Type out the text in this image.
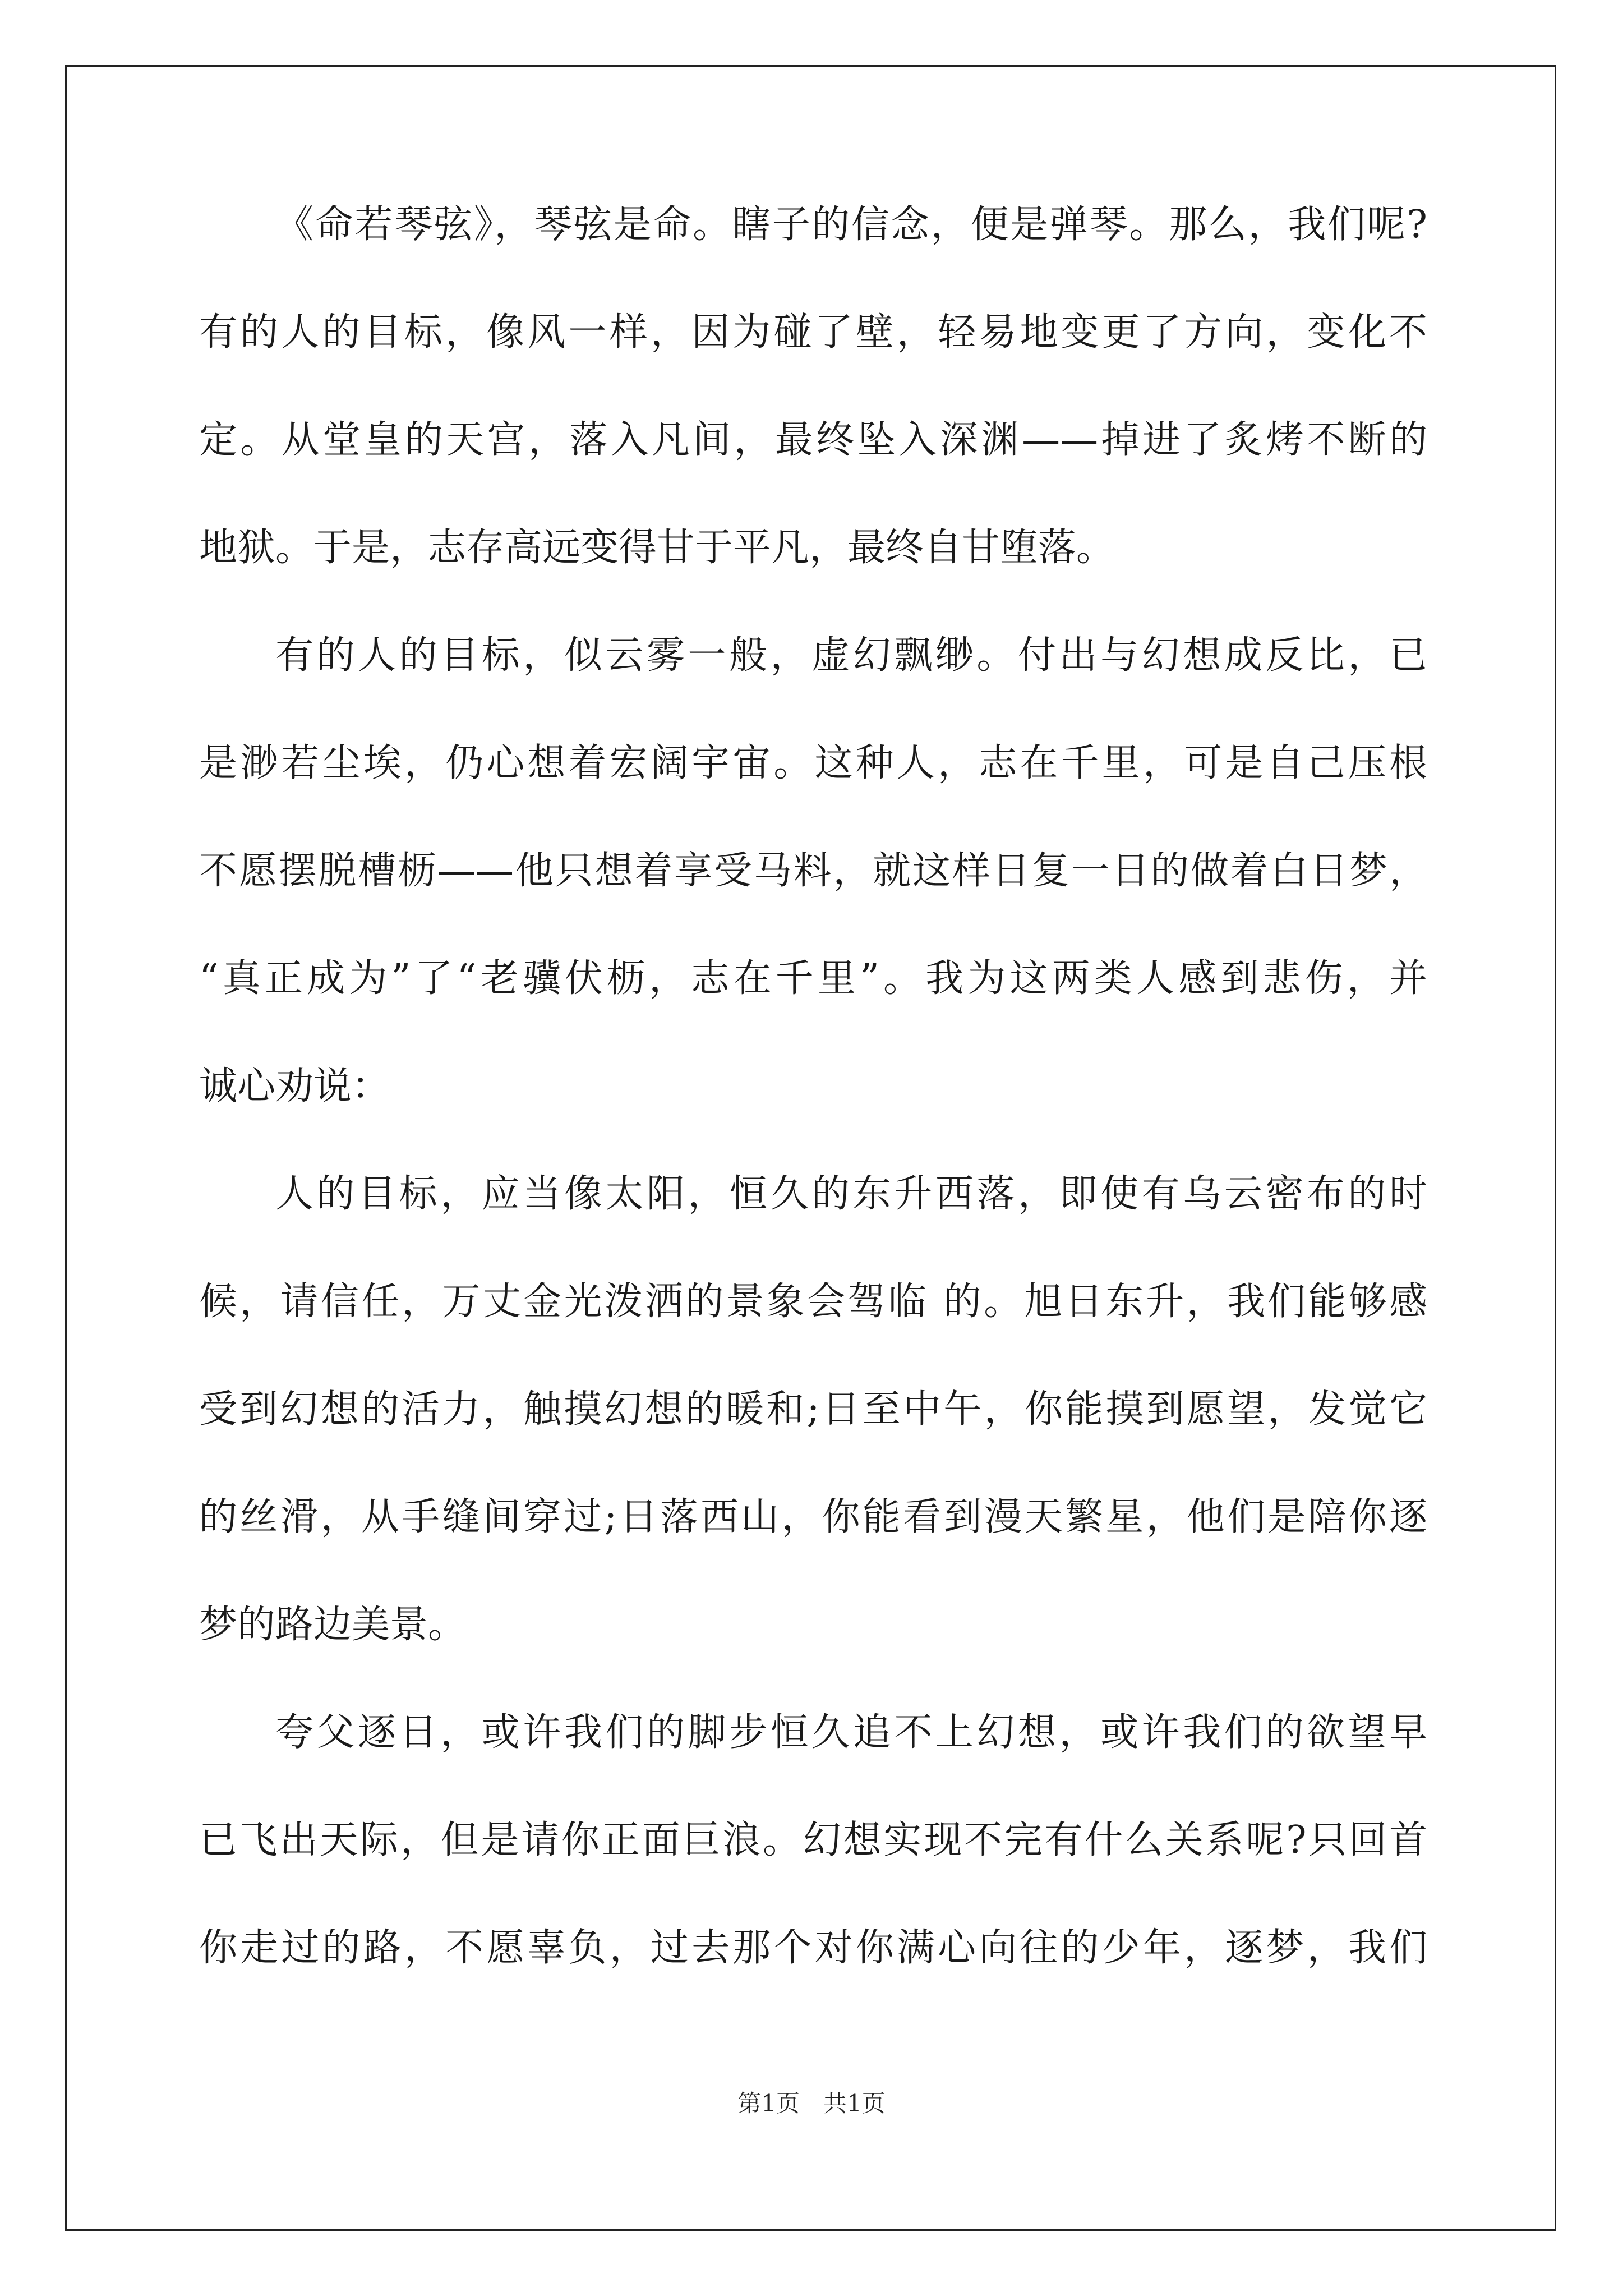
《命若琴弦》，琴弦是命。瞎子的信念，便是弹琴。那么，我们呢?
有的人的目标，像风一样，因为碰了壁，轻易地变更了方向，变化不
定。从堂皇的天宫，落入凡间，最终坠入深渊——掉进了炙烤不断的
地狱。于是，志存高远变得甘于平凡，最终自甘堕落。
有的人的目标，似云雾一般，虚幻飘缈。付出与幻想成反比，已
是渺若尘埃，仍心想着宏阔宇宙。这种人，志在千里，可是自己压根
不愿摆脱槽枥——他只想着享受马料，就这样日复一日的做着白日梦，
“真正成为”了“老骥伏枥，志在千里”。我为这两类人感到悲伤，并
诚心劝说：
人的目标，应当像太阳，恒久的东升西落，即使有乌云密布的时
候，请信任，万丈金光泼洒的景象会驾临 的。旭日东升，我们能够感
受到幻想的活力，触摸幻想的暖和;日至中午，你能摸到愿望，发觉它
的丝滑，从手缝间穿过;日落西山，你能看到漫天繁星，他们是陪你逐
梦的路边美景。
夸父逐日，或许我们的脚步恒久追不上幻想，或许我们的欲望早
已飞出天际，但是请你正面巨浪。幻想实现不完有什么关系呢?只回首
你走过的路，不愿辜负，过去那个对你满心向往的少年，逐梦，我们
第1页　共1页
